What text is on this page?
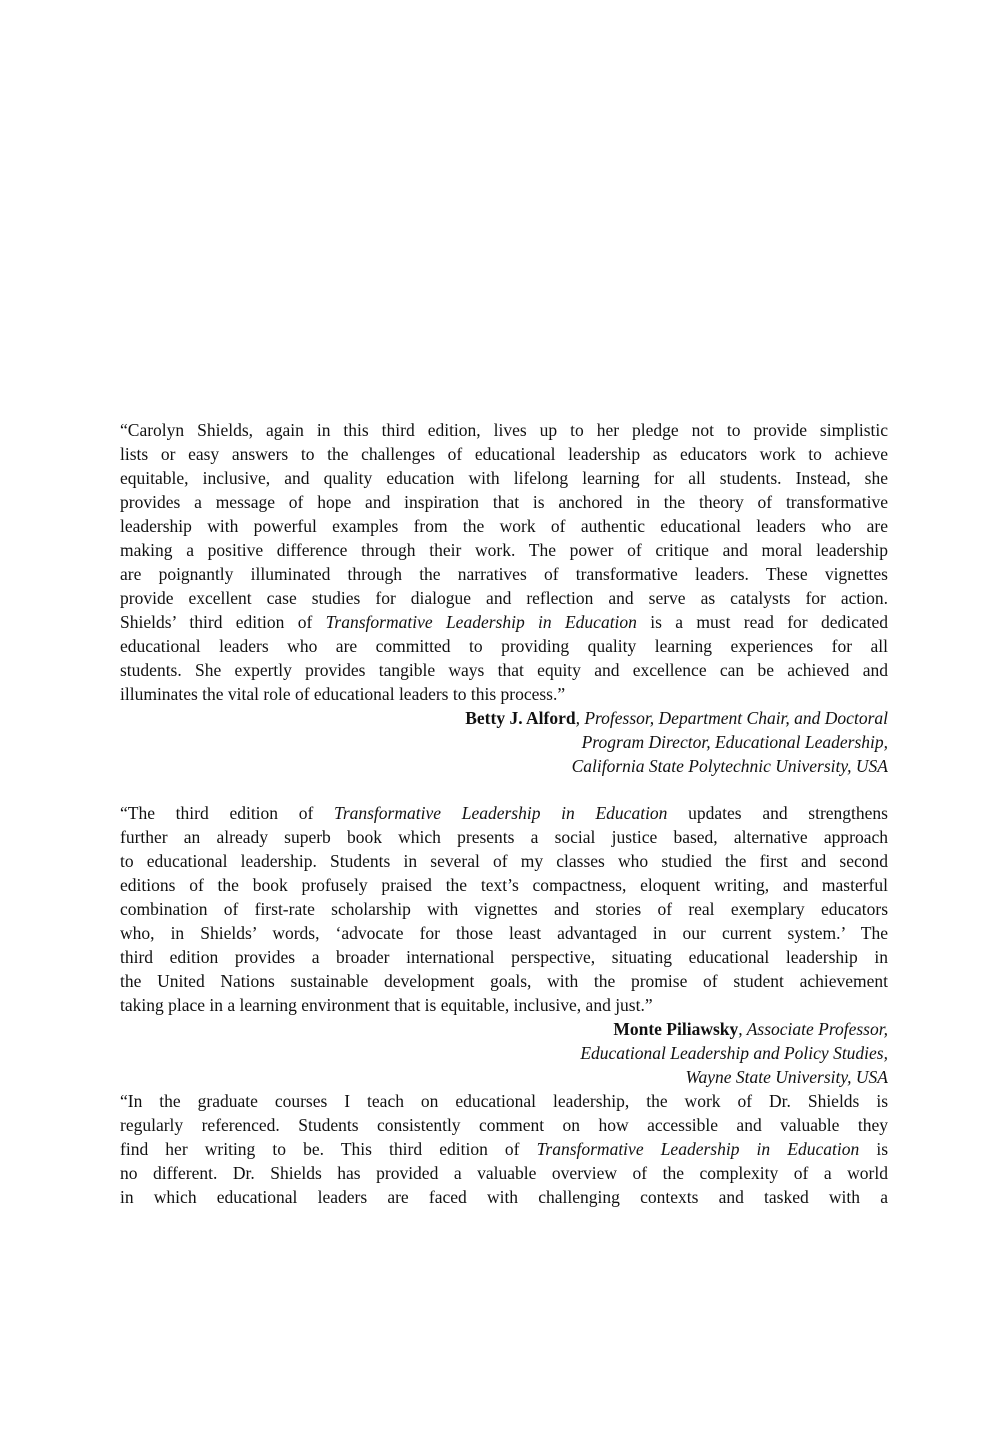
“Carolyn Shields, again in this third edition, lives up to her pledge not to provide simplistic
lists or easy answers to the challenges of educational leadership as educators work to achieve
equitable, inclusive, and quality education with lifelong learning for all students. Instead, she
provides a message of hope and inspiration that is anchored in the theory of transformative
leadership with powerful examples from the work of authentic educational leaders who are
making a positive difference through their work. The power of critique and moral leadership
are poignantly illuminated through the narratives of transformative leaders. These vignettes
provide excellent case studies for dialogue and reflection and serve as catalysts for action.
Shields’ third edition of Transformative Leadership in Education is a must read for dedicated
educational leaders who are committed to providing quality learning experiences for all
students. She expertly provides tangible ways that equity and excellence can be achieved and
illuminates the vital role of educational leaders to this process.”
Betty J. Alford, Professor, Department Chair, and Doctoral
Program Director, Educational Leadership,
California State Polytechnic University, USA
“The third edition of Transformative Leadership in Education updates and strengthens
further an already superb book which presents a social justice based, alternative approach
to educational leadership. Students in several of my classes who studied the first and second
editions of the book profusely praised the text’s compactness, eloquent writing, and masterful
combination of first-rate scholarship with vignettes and stories of real exemplary educators
who, in Shields’ words, ‘advocate for those least advantaged in our current system.’ The
third edition provides a broader international perspective, situating educational leadership in
the United Nations sustainable development goals, with the promise of student achievement
taking place in a learning environment that is equitable, inclusive, and just.”
Monte Piliawsky, Associate Professor,
Educational Leadership and Policy Studies,
Wayne State University, USA
“In the graduate courses I teach on educational leadership, the work of Dr. Shields is
regularly referenced. Students consistently comment on how accessible and valuable they
find her writing to be. This third edition of Transformative Leadership in Education is
no different. Dr. Shields has provided a valuable overview of the complexity of a world
in which educational leaders are faced with challenging contexts and tasked with a
